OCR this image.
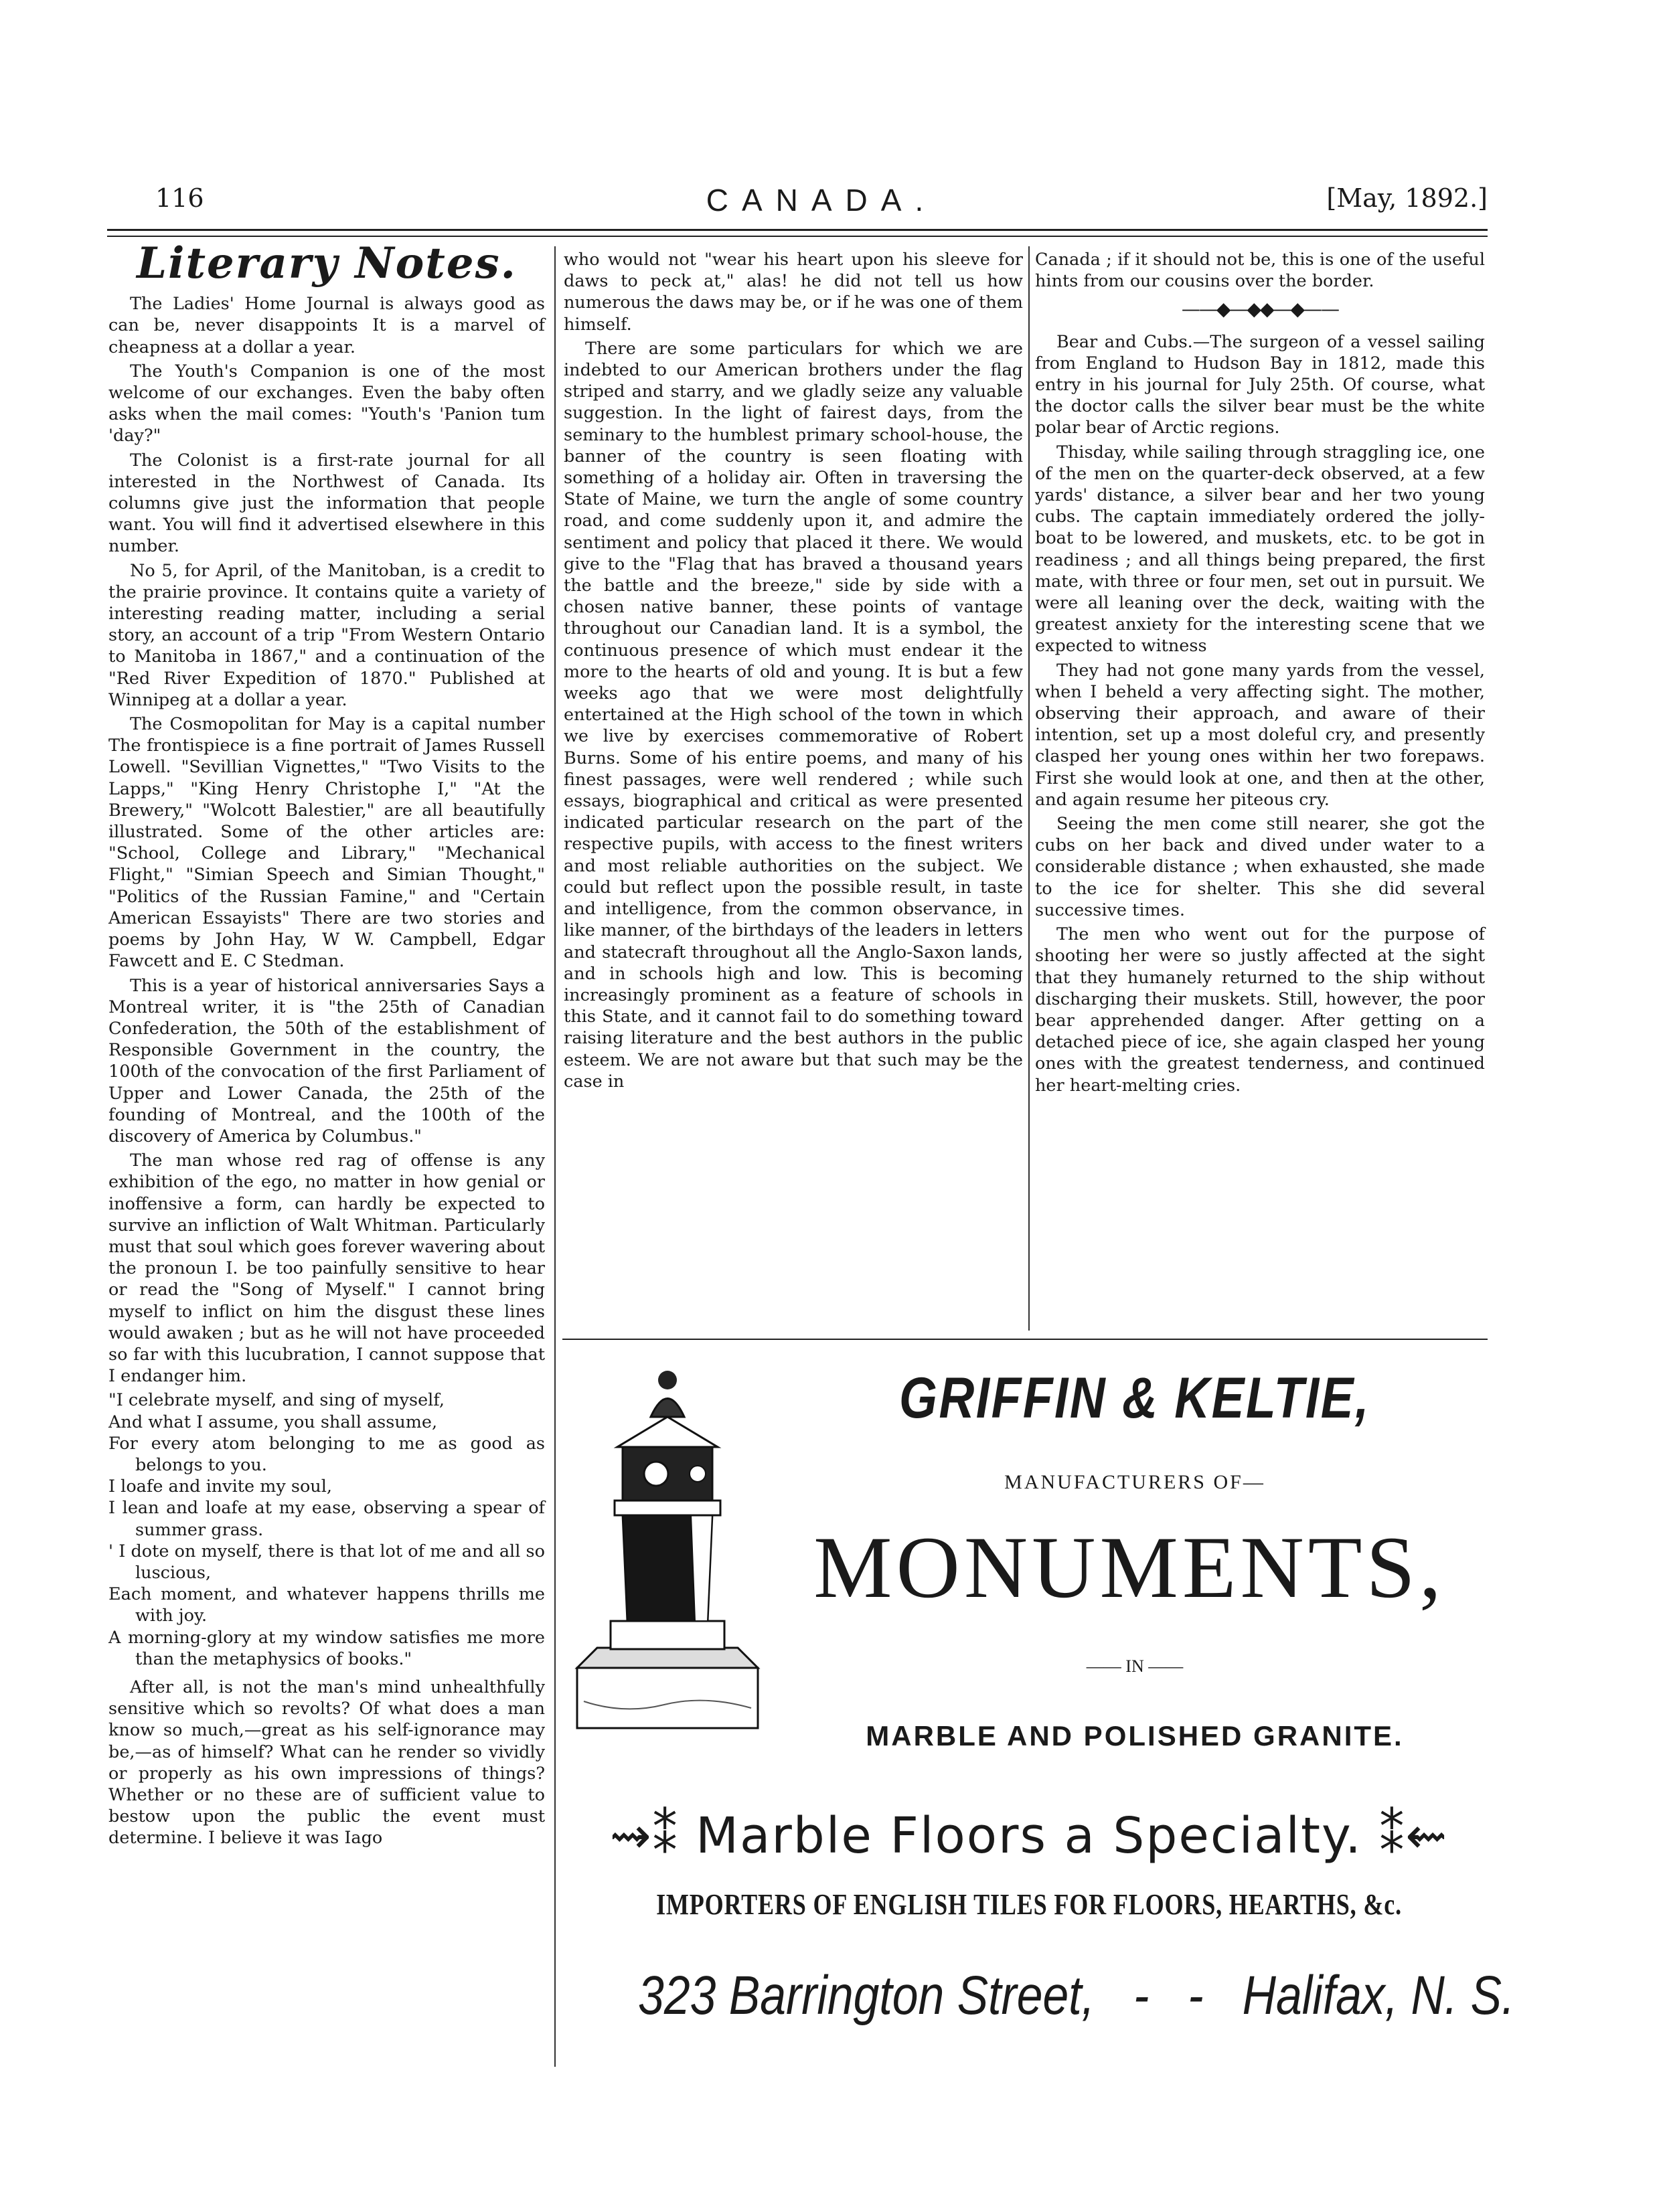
116	CANADA.	[May, 1892.]
Literary Notes.

The Ladies' Home Journal is always good as can be, never disappoints It is a marvel of cheapness at a dollar a year.

The Youth's Companion is one of the most welcome of our exchanges. Even the baby often asks when the mail comes: "Youth's 'Panion tum 'day?"

The Colonist is a first-rate journal for all interested in the Northwest of Canada. Its columns give just the information that people want. You will find it advertised elsewhere in this number.

No 5, for April, of the Manitoban, is a credit to the prairie province. It contains quite a variety of interesting reading matter, including a serial story, an account of a trip "From Western Ontario to Manitoba in 1867," and a continuation of the "Red River Expedition of 1870." Published at Winnipeg at a dollar a year.

The Cosmopolitan for May is a capital number The frontispiece is a fine portrait of James Russell Lowell. "Sevillian Vignettes," "Two Visits to the Lapps," "King Henry Christophe I," "At the Brewery," "Wolcott Balestier," are all beautifully illustrated. Some of the other articles are: "School, College and Library," "Mechanical Flight," "Simian Speech and Simian Thought," "Politics of the Russian Famine," and "Certain American Essayists" There are two stories and poems by John Hay, W W. Campbell, Edgar Fawcett and E. C Stedman.

This is a year of historical anniversaries Says a Montreal writer, it is "the 25th of Canadian Confederation, the 50th of the establishment of Responsible Government in the country, the 100th of the convocation of the first Parliament of Upper and Lower Canada, the 25th of the founding of Montreal, and the 100th of the discovery of America by Columbus."

The man whose red rag of offense is any exhibition of the ego, no matter in how genial or inoffensive a form, can hardly be expected to survive an infliction of Walt Whitman. Particularly must that soul which goes forever wavering about the pronoun I. be too painfully sensitive to hear or read the "Song of Myself." I cannot bring myself to inflict on him the disgust these lines would awaken ; but as he will not have proceeded so far with this lucubration, I cannot suppose that I endanger him.

"I celebrate myself, and sing of myself,
And what I assume, you shall assume,
For every atom belonging to me as good as belongs to you.
I loafe and invite my soul,
I lean and loafe at my ease, observing a spear of summer grass.
' I dote on myself, there is that lot of me and all so luscious,
Each moment, and whatever happens thrills me with joy.
A morning-glory at my window satisfies me more than the metaphysics of books."

After all, is not the man's mind unhealthfully sensitive which so revolts? Of what does a man know so much,—great as his self-ignorance may be,—as of himself? What can he render so vividly or properly as his own impressions of things? Whether or no these are of sufficient value to bestow upon the public the event must determine. I believe it was Iago

who would not "wear his heart upon his sleeve for daws to peck at," alas! he did not tell us how numerous the daws may be, or if he was one of them himself.

There are some particulars for which we are indebted to our American brothers under the flag striped and starry, and we gladly seize any valuable suggestion. In the light of fairest days, from the seminary to the humblest primary school-house, the banner of the country is seen floating with something of a holiday air. Often in traversing the State of Maine, we turn the angle of some country road, and come suddenly upon it, and admire the sentiment and policy that placed it there. We would give to the "Flag that has braved a thousand years the battle and the breeze," side by side with a chosen native banner, these points of vantage throughout our Canadian land. It is a symbol, the continuous presence of which must endear it the more to the hearts of old and young. It is but a few weeks ago that we were most delightfully entertained at the High school of the town in which we live by exercises commemorative of Robert Burns. Some of his entire poems, and many of his finest passages, were well rendered ; while such essays, biographical and critical as were presented indicated particular research on the part of the respective pupils, with access to the finest writers and most reliable authorities on the subject. We could but reflect upon the possible result, in taste and intelligence, from the common observance, in like manner, of the birthdays of the leaders in letters and statecraft throughout all the Anglo-Saxon lands, and in schools high and low. This is becoming increasingly prominent as a feature of schools in this State, and it cannot fail to do something toward raising literature and the best authors in the public esteem. We are not aware but that such may be the case in

Canada ; if it should not be, this is one of the useful hints from our cousins over the border.

——◆—◆◆—◆——

Bear and Cubs.—The surgeon of a vessel sailing from England to Hudson Bay in 1812, made this entry in his journal for July 25th. Of course, what the doctor calls the silver bear must be the white polar bear of Arctic regions.

Thisday, while sailing through straggling ice, one of the men on the quarter-deck observed, at a few yards' distance, a silver bear and her two young cubs. The captain immediately ordered the jolly-boat to be lowered, and muskets, etc. to be got in readiness ; and all things being prepared, the first mate, with three or four men, set out in pursuit. We were all leaning over the deck, waiting with the greatest anxiety for the interesting scene that we expected to witness

They had not gone many yards from the vessel, when I beheld a very affecting sight. The mother, observing their approach, and aware of their intention, set up a most doleful cry, and presently clasped her young ones within her two forepaws. First she would look at one, and then at the other, and again resume her piteous cry.

Seeing the men come still nearer, she got the cubs on her back and dived under water to a considerable distance ; when exhausted, she made to the ice for shelter. This she did several successive times.

The men who went out for the purpose of shooting her were so justly affected at the sight that they humanely returned to the ship without discharging their muskets. Still, however, the poor bear apprehended danger. After getting on a detached piece of ice, she again clasped her young ones with the greatest tenderness, and continued her heart-melting cries.

GRIFFIN & KELTIE,
MANUFACTURERS OF—
MONUMENTS,
—— IN ——
MARBLE AND POLISHED GRANITE.
⇝⁑ Marble Floors a Specialty. ⁑⇜
IMPORTERS OF ENGLISH TILES FOR FLOORS, HEARTHS, &c.
323 Barrington Street,   -   -   Halifax, N. S.
